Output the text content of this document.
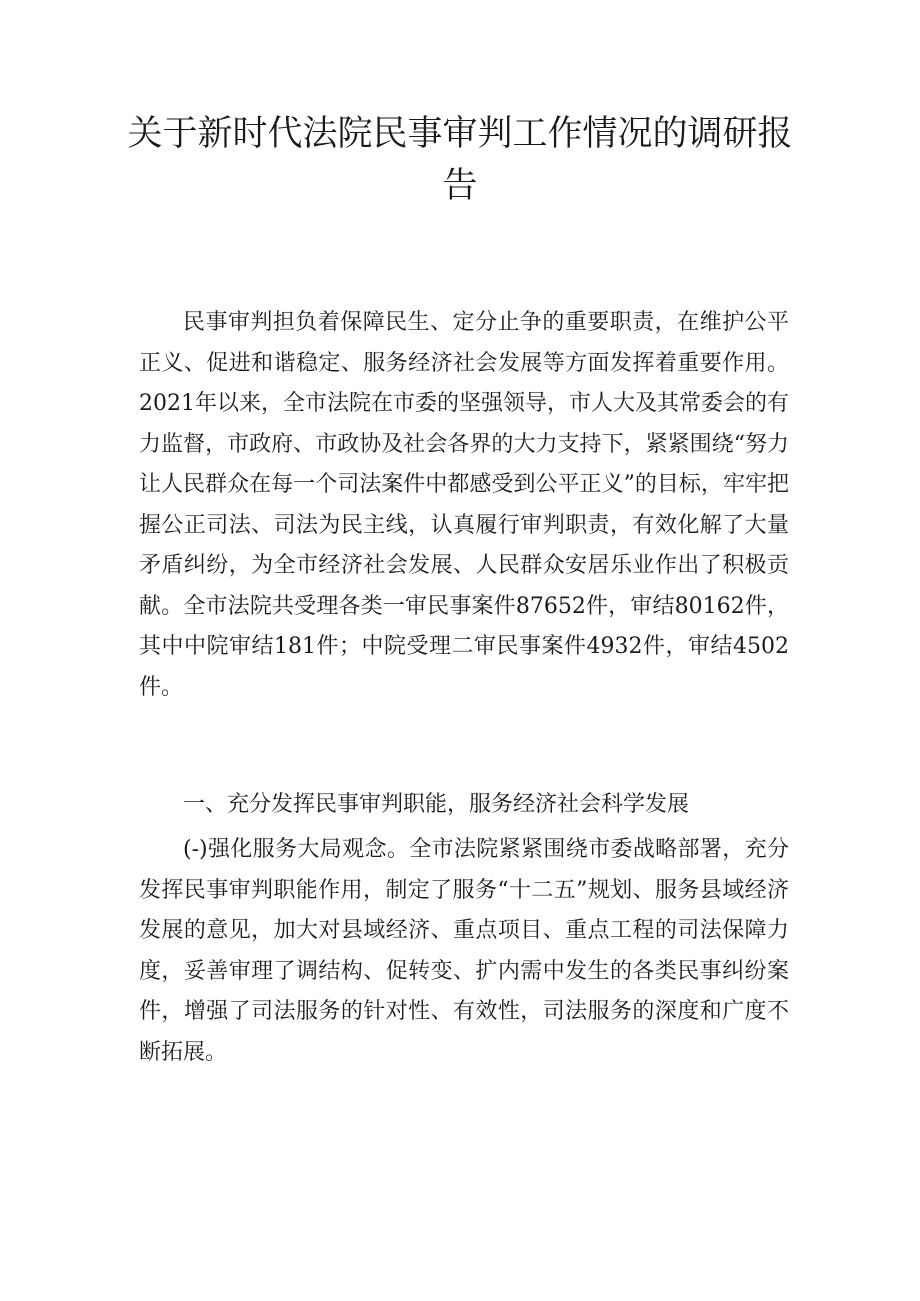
关于新时代法院民事审判工作情况的调研报告

民事审判担负着保障民生、定分止争的重要职责，在维护公平正义、促进和谐稳定、服务经济社会发展等方面发挥着重要作用。2021年以来，全市法院在市委的坚强领导，市人大及其常委会的有力监督，市政府、市政协及社会各界的大力支持下，紧紧围绕“努力让人民群众在每一个司法案件中都感受到公平正义”的目标，牢牢把握公正司法、司法为民主线，认真履行审判职责，有效化解了大量矛盾纠纷，为全市经济社会发展、人民群众安居乐业作出了积极贡献。全市法院共受理各类一审民事案件87652件，审结80162件，其中中院审结181件；中院受理二审民事案件4932件，审结4502件。

一、充分发挥民事审判职能，服务经济社会科学发展

(-)强化服务大局观念。全市法院紧紧围绕市委战略部署，充分发挥民事审判职能作用，制定了服务“十二五”规划、服务县域经济发展的意见，加大对县域经济、重点项目、重点工程的司法保障力度，妥善审理了调结构、促转变、扩内需中发生的各类民事纠纷案件，增强了司法服务的针对性、有效性，司法服务的深度和广度不断拓展。
